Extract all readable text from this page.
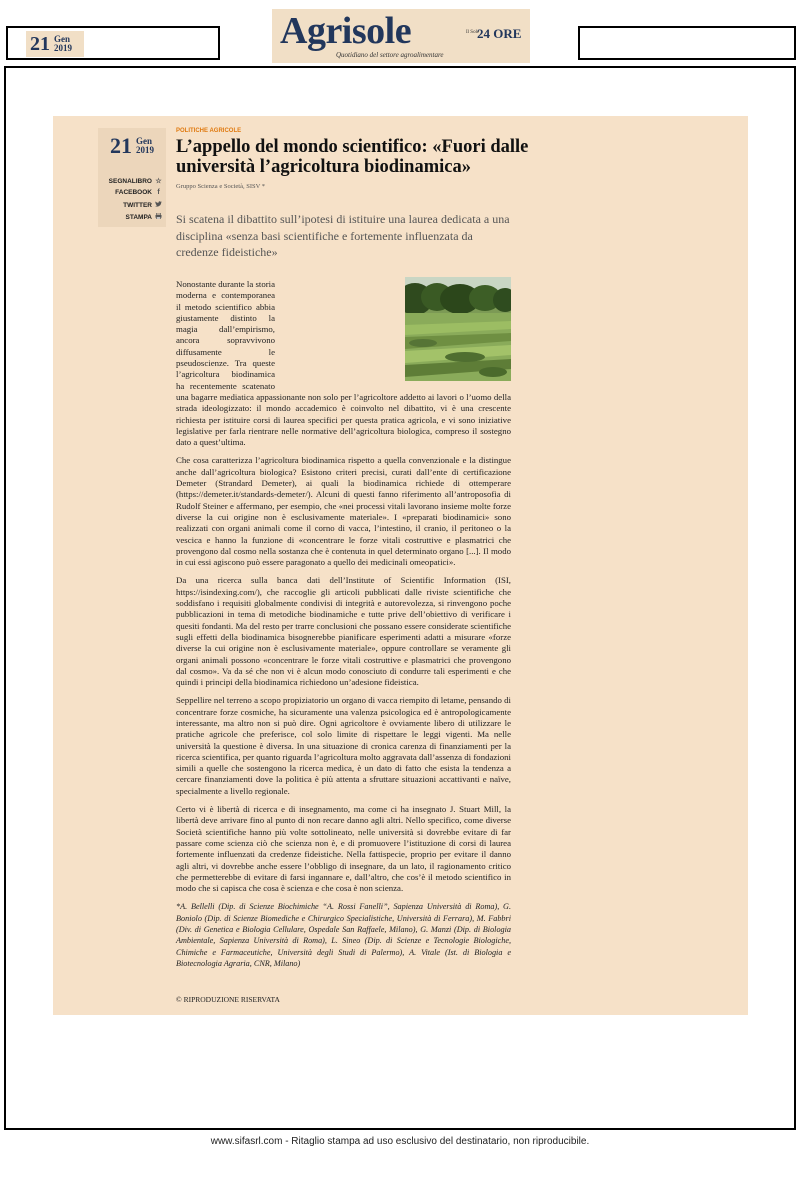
21 Gen
2019	Agrisole
Quotidiano del settore agroalimentare
Il Sole
24 ORE
21 Gen
2019
SEGNALIBRO ☆
FACEBOOK f
TWITTER
STAMPA
POLITICHE AGRICOLE
L’appello del mondo scientifico: «Fuori dalle università l’agricoltura biodinamica»
Gruppo Scienza e Società, SISV *
Si scatena il dibattito sull’ipotesi di istituire una laurea dedicata a una disciplina «senza basi scientifiche e fortemente influenzata da credenze fideistiche»

Nonostante durante la storia moderna e contemporanea il metodo scientifico abbia giustamente distinto la magia dall’empirismo, ancora sopravvivono diffusamente le pseudoscienze. Tra queste l’agricoltura biodinamica ha recentemente scatenato una bagarre mediatica appassionante non solo per l’agricoltore addetto ai lavori o l’uomo della strada ideologizzato: il mondo accademico è coinvolto nel dibattito, vi è una crescente richiesta per istituire corsi di laurea specifici per questa pratica agricola, e vi sono iniziative legislative per farla rientrare nelle normative dell’agricoltura biologica, compreso il sostegno dato a quest’ultima.

Che cosa caratterizza l’agricoltura biodinamica rispetto a quella convenzionale e la distingue anche dall’agricoltura biologica? Esistono criteri precisi, curati dall’ente di certificazione Demeter (Strandard Demeter), ai quali la biodinamica richiede di ottemperare (https://demeter.it/standards-demeter/). Alcuni di questi fanno riferimento all’antroposofia di Rudolf Steiner e affermano, per esempio, che «nei processi vitali lavorano insieme molte forze diverse la cui origine non è esclusivamente materiale». I «preparati biodinamici» sono realizzati con organi animali come il corno di vacca, l’intestino, il cranio, il peritoneo o la vescica e hanno la funzione di «concentrare le forze vitali costruttive e plasmatrici che provengono dal cosmo nella sostanza che è contenuta in quel determinato organo [...]. Il modo in cui essi agiscono può essere paragonato a quello dei medicinali omeopatici».

Da una ricerca sulla banca dati dell’Institute of Scientific Information (ISI, https://isindexing.com/), che raccoglie gli articoli pubblicati dalle riviste scientifiche che soddisfano i requisiti globalmente condivisi di integrità e autorevolezza, si rinvengono poche pubblicazioni in tema di metodiche biodinamiche e tutte prive dell’obiettivo di verificare i quesiti fondanti. Ma del resto per trarre conclusioni che possano essere considerate scientifiche sugli effetti della biodinamica bisognerebbe pianificare esperimenti adatti a misurare «forze diverse la cui origine non è esclusivamente materiale», oppure controllare se veramente gli organi animali possono «concentrare le forze vitali costruttive e plasmatrici che provengono dal cosmo». Va da sé che non vi è alcun modo conosciuto di condurre tali esperimenti e che quindi i principi della biodinamica richiedono un’adesione fideistica.

Seppellire nel terreno a scopo propiziatorio un organo di vacca riempito di letame, pensando di concentrare forze cosmiche, ha sicuramente una valenza psicologica ed è antropologicamente interessante, ma altro non si può dire. Ogni agricoltore è ovviamente libero di utilizzare le pratiche agricole che preferisce, col solo limite di rispettare le leggi vigenti. Ma nelle università la questione è diversa. In una situazione di cronica carenza di finanziamenti per la ricerca scientifica, per quanto riguarda l’agricoltura molto aggravata dall’assenza di fondazioni simili a quelle che sostengono la ricerca medica, è un dato di fatto che esista la tendenza a cercare finanziamenti dove la politica è più attenta a sfruttare situazioni accattivanti e naïve, specialmente a livello regionale.

Certo vi è libertà di ricerca e di insegnamento, ma come ci ha insegnato J. Stuart Mill, la libertà deve arrivare fino al punto di non recare danno agli altri. Nello specifico, come diverse Società scientifiche hanno più volte sottolineato, nelle università si dovrebbe evitare di far passare come scienza ciò che scienza non è, e di promuovere l’istituzione di corsi di laurea fortemente influenzati da credenze fideistiche. Nella fattispecie, proprio per evitare il danno agli altri, vi dovrebbe anche essere l’obbligo di insegnare, da un lato, il ragionamento critico che permetterebbe di evitare di farsi ingannare e, dall’altro, che cos’è il metodo scientifico in modo che si capisca che cosa è scienza e che cosa è non scienza.

*A. Bellelli (Dip. di Scienze Biochimiche “A. Rossi Fanelli”, Sapienza Università di Roma), G. Boniolo (Dip. di Scienze Biomediche e Chirurgico Specialistiche, Università di Ferrara), M. Fabbri (Div. di Genetica e Biologia Cellulare, Ospedale San Raffaele, Milano), G. Manzi (Dip. di Biologia Ambientale, Sapienza Università di Roma), L. Sineo (Dip. di Scienze e Tecnologie Biologiche, Chimiche e Farmaceutiche, Università degli Studi di Palermo), A. Vitale (Ist. di Biologia e Biotecnologia Agraria, CNR, Milano)

© RIPRODUZIONE RISERVATA
www.sifasrl.com - Ritaglio stampa ad uso esclusivo del destinatario, non riproducibile.
